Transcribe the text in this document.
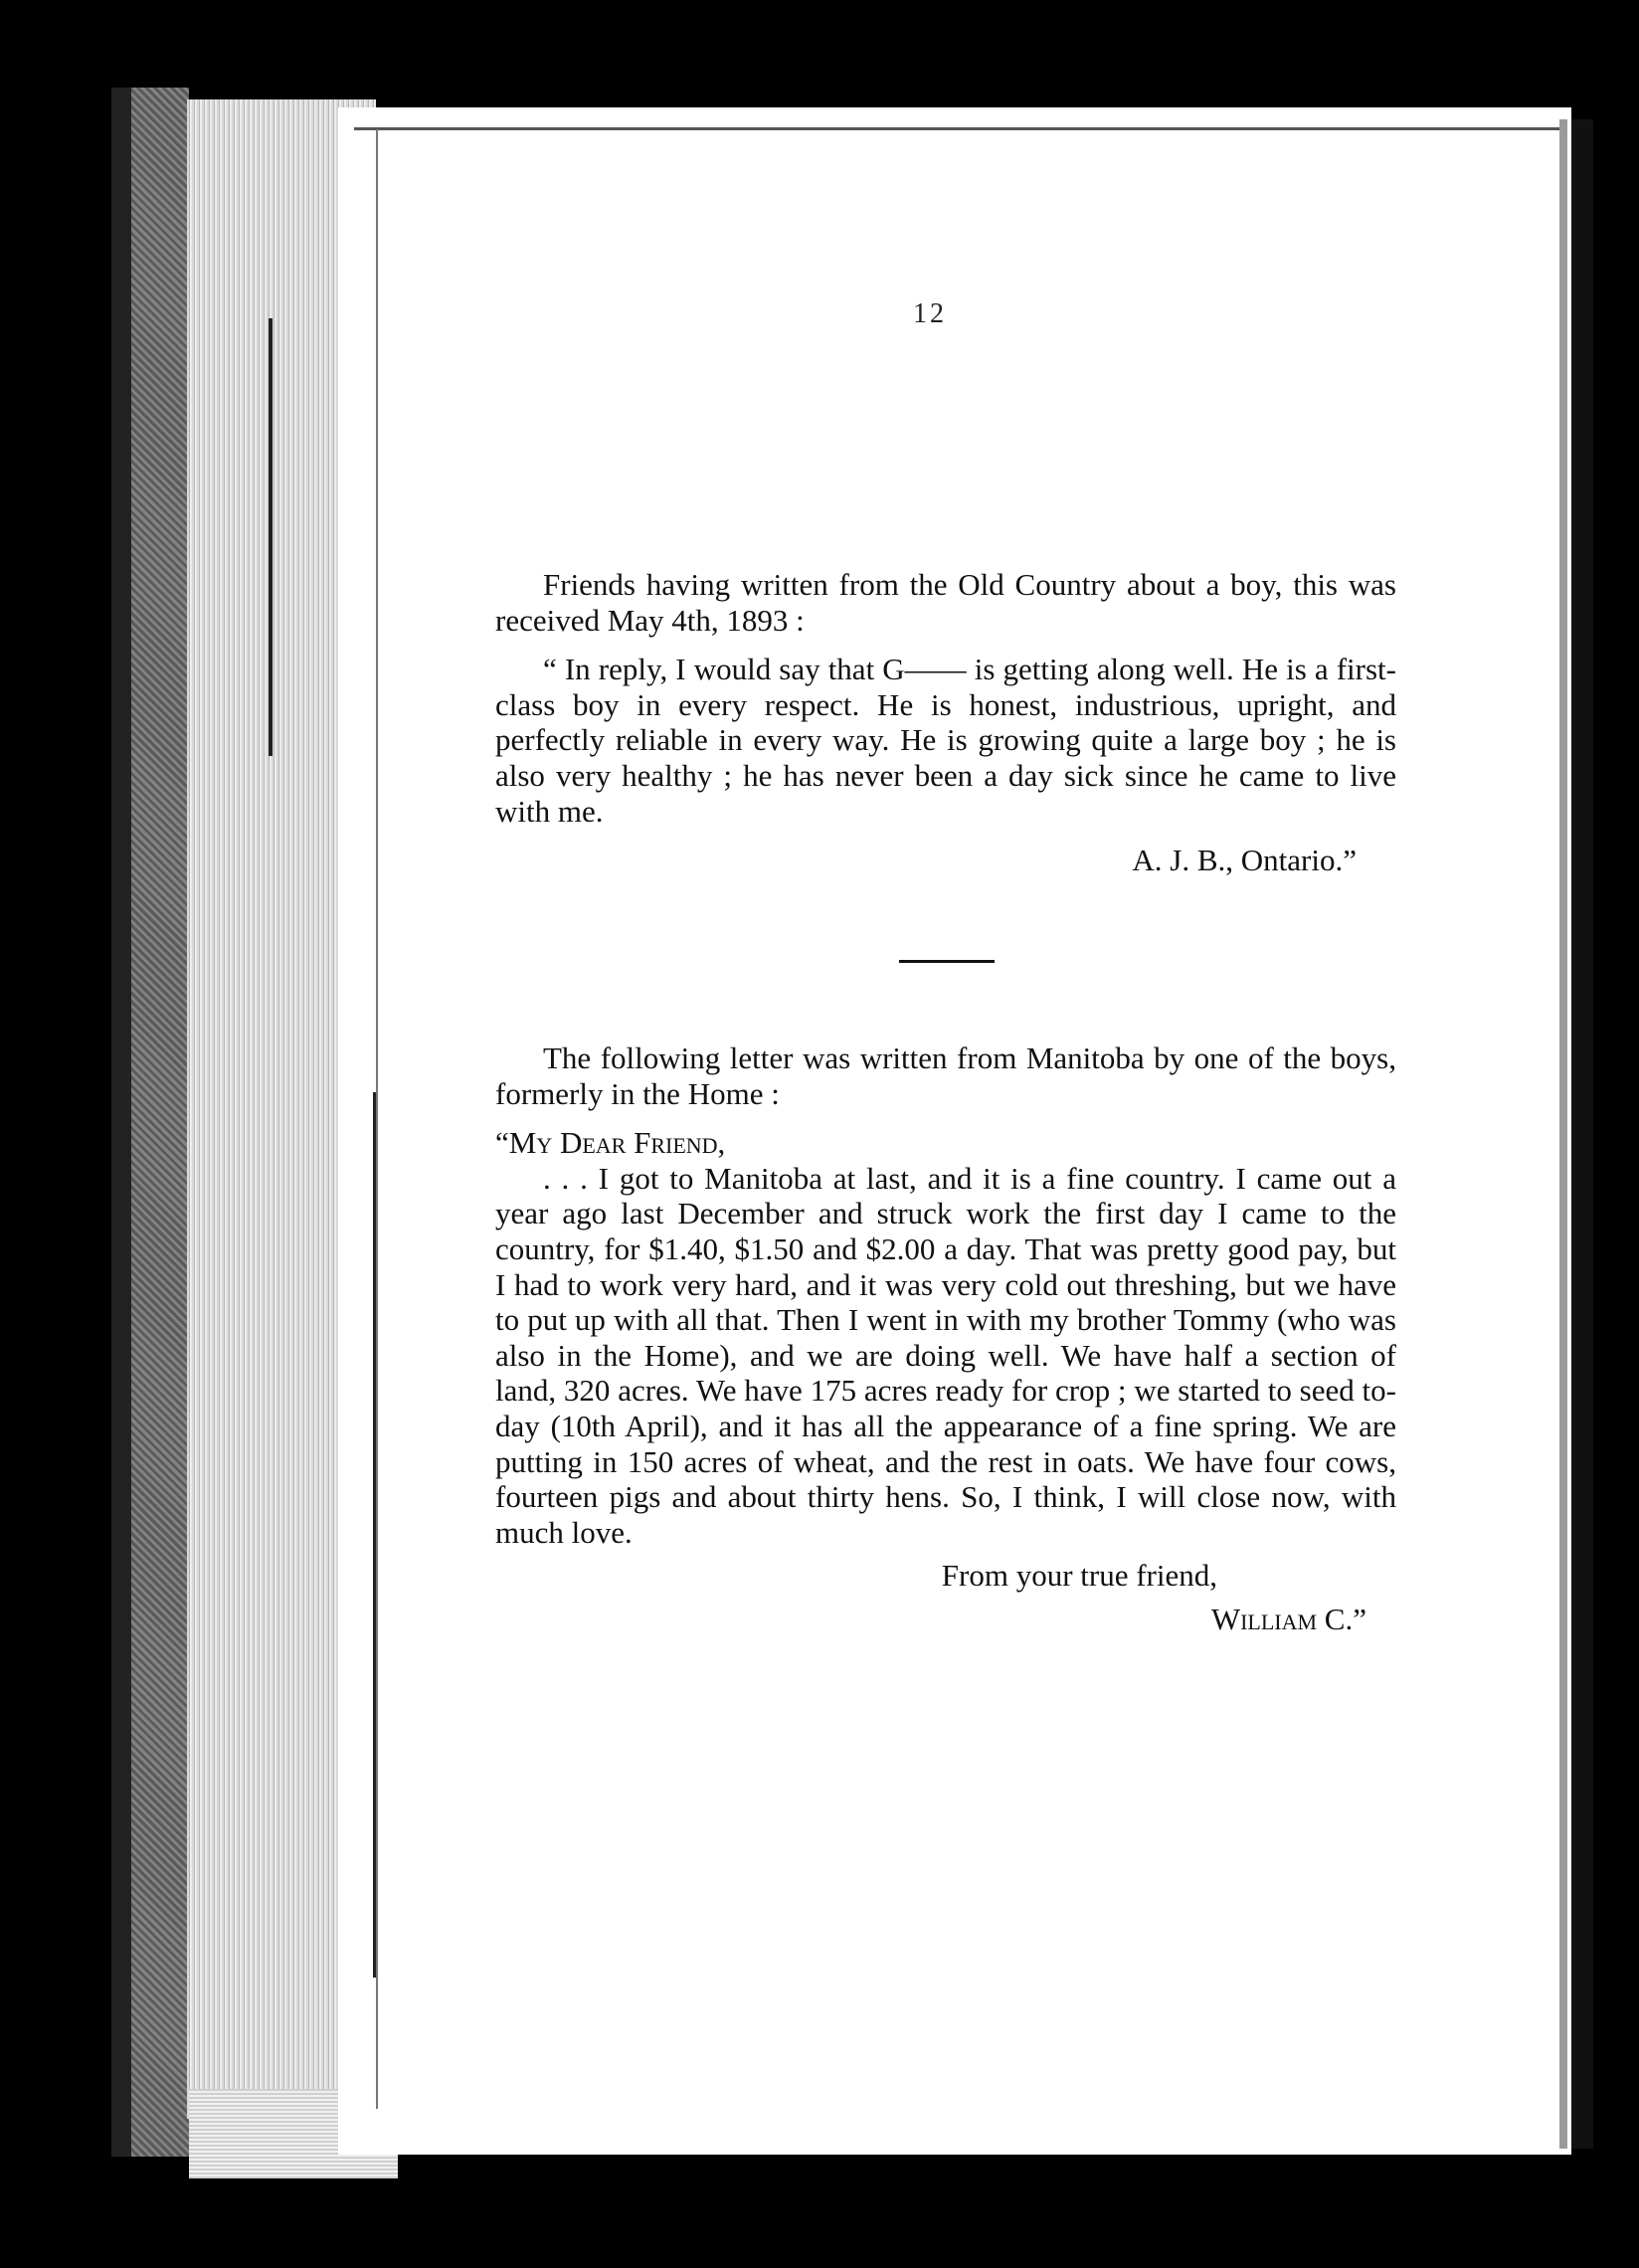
12

Friends having written from the Old Country about a boy, this was received May 4th, 1893 :

“ In reply, I would say that G—— is getting along well. He is a first-class boy in every respect. He is honest, industrious, upright, and perfectly reliable in every way. He is growing quite a large boy ; he is also very healthy ; he has never been a day sick since he came to live with me.

A. J. B., Ontario.”

The following letter was written from Manitoba by one of the boys, formerly in the Home :

“My Dear Friend,

. . . I got to Manitoba at last, and it is a fine country. I came out a year ago last December and struck work the first day I came to the country, for $1.40, $1.50 and $2.00 a day. That was pretty good pay, but I had to work very hard, and it was very cold out threshing, but we have to put up with all that. Then I went in with my brother Tommy (who was also in the Home), and we are doing well. We have half a section of land, 320 acres. We have 175 acres ready for crop ; we started to seed to-day (10th April), and it has all the appearance of a fine spring. We are putting in 150 acres of wheat, and the rest in oats. We have four cows, fourteen pigs and about thirty hens. So, I think, I will close now, with much love.

From your true friend,

William C.”
